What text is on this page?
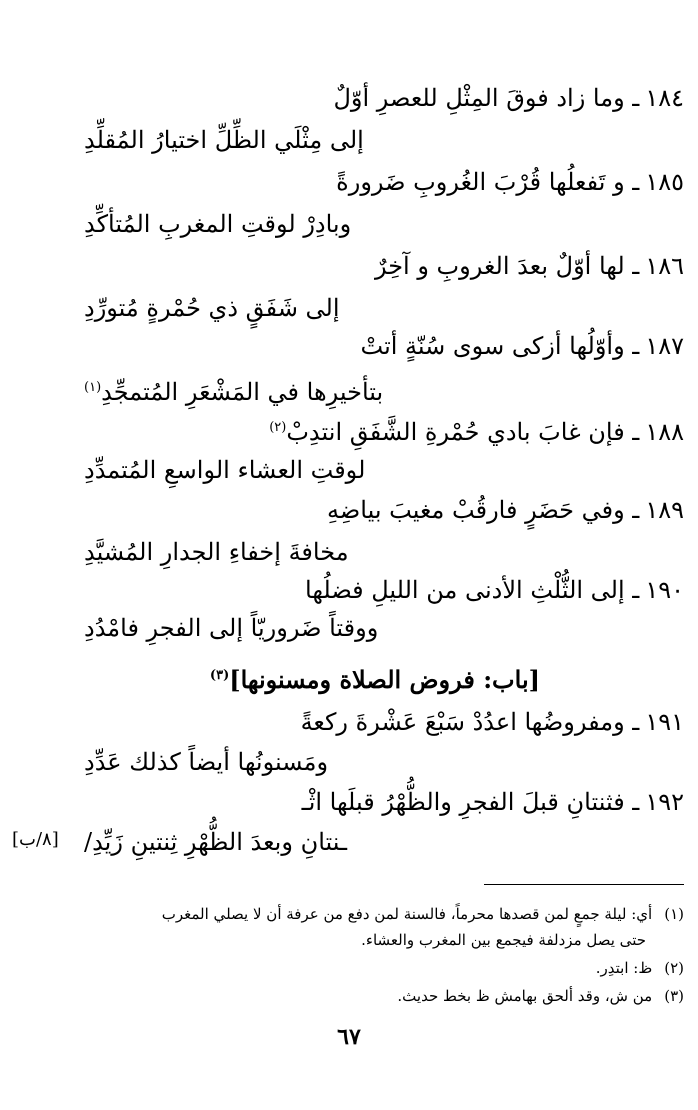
١٨٤ـ وما زاد فوقَ المِثْلِ للعصرِ أوّلٌ
إلى مِثْلَي الظِّلِّ اختيارُ المُقلِّدِ
١٨٥ـ و تَفعلُها قُرْبَ الغُروبِ ضَرورةً
وبادِرْ لوقتِ المغربِ المُتأكِّدِ
١٨٦ـ لها أوّلٌ بعدَ الغروبِ و آخِرٌ
إلى شَفَقٍ ذي حُمْرةٍ مُتورِّدِ
١٨٧ـ وأوّلُها أزكى سوى سُنّةٍ أتتْ
بتأخيرِها في المَشْعَرِ المُتمجِّدِ$^{(١)}$
١٨٨ـ فإن غابَ بادي حُمْرةِ الشَّفَقِ انتدِبْ$^{(٢)}$
لوقتِ العشاء الواسعِ المُتمدِّدِ
١٨٩ـ وفي حَضَرٍ فارقُبْ مغيبَ بياضِهِ
مخافةَ إخفاءِ الجدارِ المُشيَّدِ
١٩٠ـ إلى الثُّلْثِ الأدنى من الليلِ فضلُها
ووقتاً ضَروريّاً إلى الفجرِ فامْدُدِ
[باب: فروض الصلاة ومسنونها]$^{(٣)}$
١٩١ـ ومفروضُها اعدُدْ سَبْعَ عَشْرةَ ركعةً
ومَسنونُها أيضاً كذلك عَدِّدِ
١٩٢ـ فثنتانِ قبلَ الفجرِ والظُّهْرُ قبلَها اثْـ
ـنتانِ وبعدَ الظُّهْرِ ثِنتينِ زَيِّدِ/
[٨/ب]
(١)أي: ليلة جمعٍ لمن قصدها محرماً، فالسنة لمن دفع من عرفة أن لا يصلي المغرب
حتى يصل مزدلفة فيجمع بين المغرب والعشاء.
(٢)ظ: ابتدِر.
(٣)من ش، وقد ألحق بهامش ظ بخط حديث.
٦٧
